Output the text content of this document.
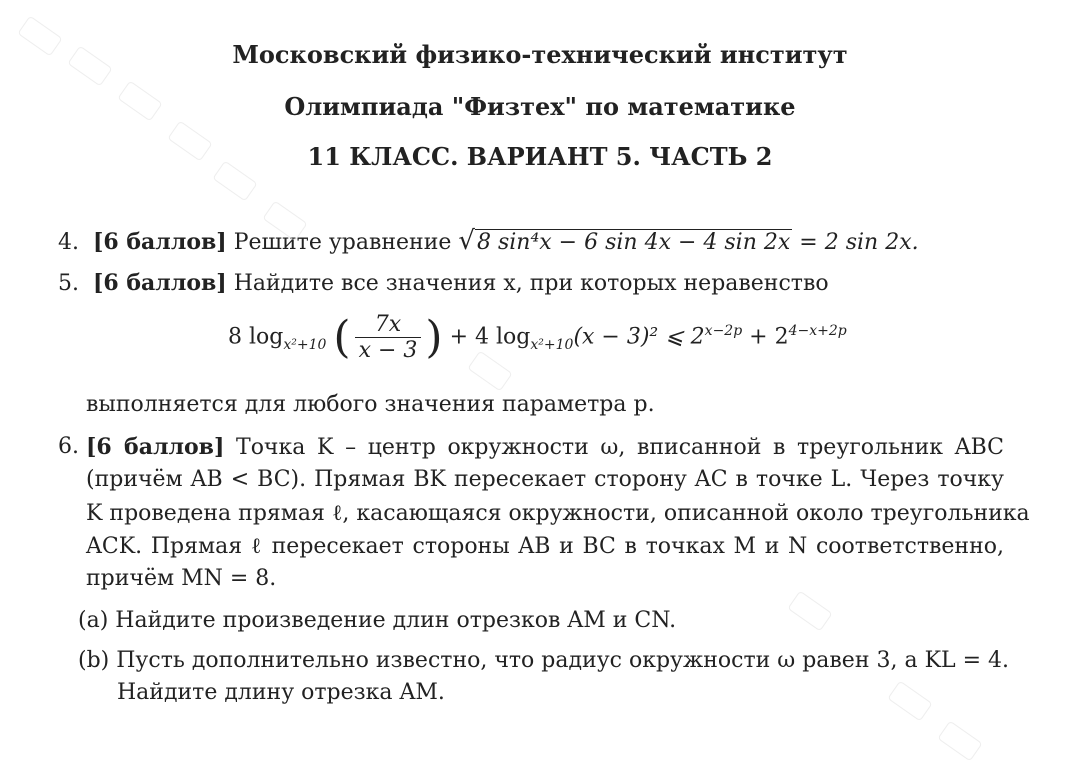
Московский физико-технический институт
Олимпиада "Физтех" по математике
11 КЛАСС. ВАРИАНТ 5. ЧАСТЬ 2
4. [6 баллов] Решите уравнение √8 sin⁴x − 6 sin 4x − 4 sin 2x = 2 sin 2x.
5. [6 баллов] Найдите все значения x, при которых неравенство
8 $\log_{x^2+10}$ ( $\frac{7x}{x - 3}$ ) + 4 $\log_{x^2+10}(x - 3)^2$ ⩽ $2^{x-2p} + 2^{4-x+2p}$
выполняется для любого значения параметра p.
6. [6 баллов] Точка K – центр окружности ω, вписанной в треугольник ABC
(причём AB < BC). Прямая BK пересекает сторону AC в точке L. Через точку
K проведена прямая ℓ, касающаяся окружности, описанной около треугольника
ACK. Прямая ℓ пересекает стороны AB и BC в точках M и N соответственно,
причём MN = 8.
(a) Найдите произведение длин отрезков AM и CN.
(b) Пусть дополнительно известно, что радиус окружности ω равен 3, а KL = 4.
Найдите длину отрезка AM.
